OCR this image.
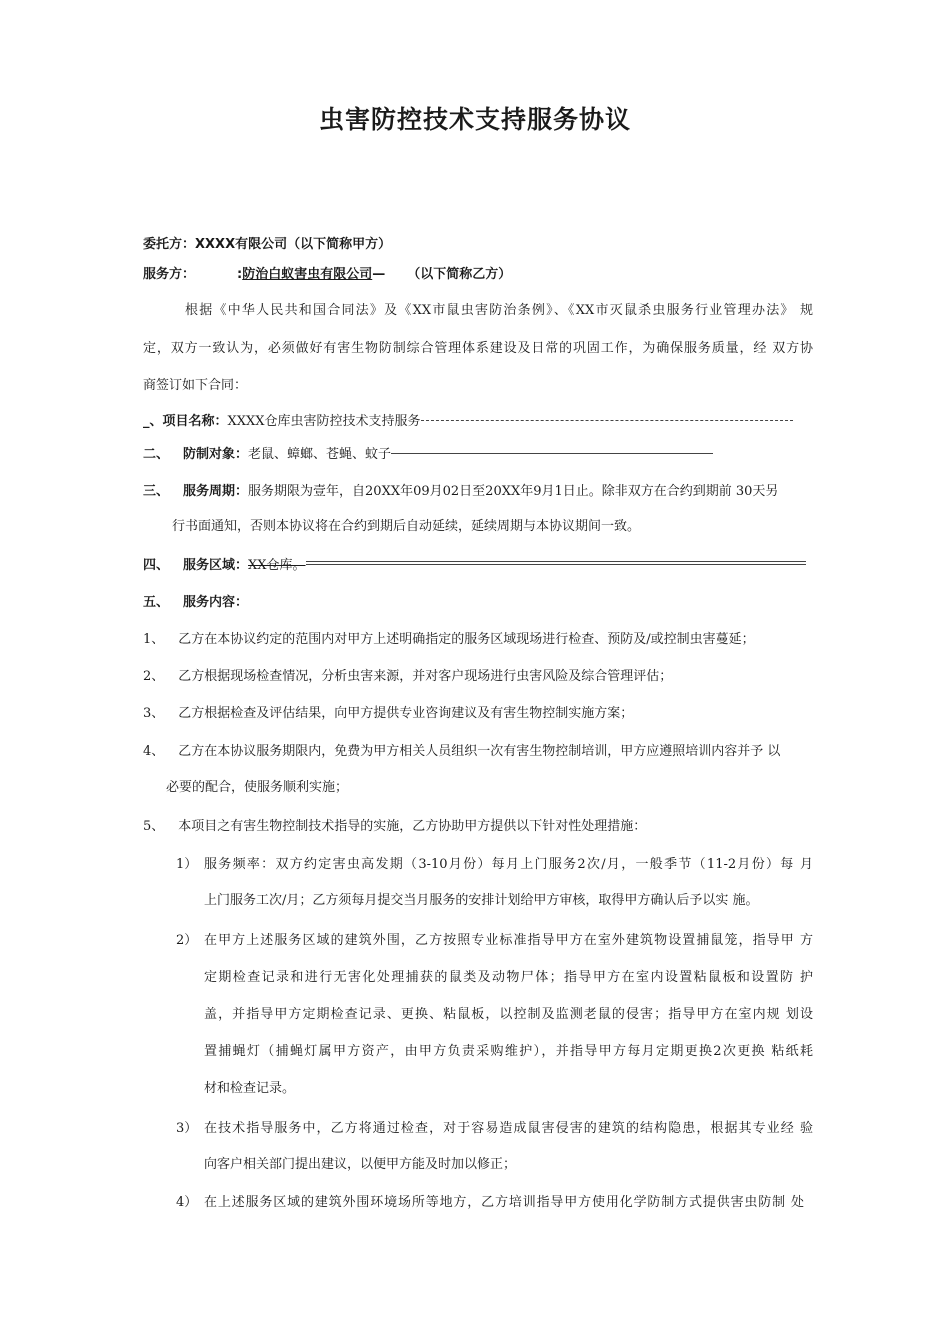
虫害防控技术支持服务协议
委托方：XXXX有限公司（以下简称甲方）
服务方：	:防治白蚁害虫有限公司— （以下简称乙方）
根据《中华人民共和国合同法》及《XX市鼠虫害防治条例》、《XX市灭鼠杀虫服务行业管理办法》 规
定，双方一致认为，必须做好有害生物防制综合管理体系建设及日常的巩固工作，为确保服务质量，经 双方协
商签订如下合同：
_、项目名称：XXXX仓库虫害防控技术支持服务
二、 防制对象：老鼠、蟑螂、苍蝇、蚊子
三、 服务周期：服务期限为壹年，自20XX年09月02日至20XX年9月1日止。除非双方在合约到期前 30天另
行书面通知，否则本协议将在合约到期后自动延续，延续周期与本协议期间一致。
四、 服务区域：XX仓库。
五、 服务内容：
1、 乙方在本协议约定的范围内对甲方上述明确指定的服务区域现场进行检查、预防及/或控制虫害蔓延；
2、 乙方根据现场检查情况，分析虫害来源，并对客户现场进行虫害风险及综合管理评估；
3、 乙方根据检查及评估结果，向甲方提供专业咨询建议及有害生物控制实施方案；
4、 乙方在本协议服务期限内，免费为甲方相关人员组织一次有害生物控制培训，甲方应遵照培训内容并予 以
必要的配合，使服务顺利实施；
5、 本项目之有害生物控制技术指导的实施，乙方协助甲方提供以下针对性处理措施：
1） 服务频率：双方约定害虫高发期（3-10月份）每月上门服务2次/月，一般季节（11-2月份）每 月
上门服务工次/月；乙方须每月提交当月服务的安排计划给甲方审核，取得甲方确认后予以实 施。
2） 在甲方上述服务区域的建筑外围，乙方按照专业标准指导甲方在室外建筑物设置捕鼠笼，指导甲 方
定期检查记录和进行无害化处理捕获的鼠类及动物尸体；指导甲方在室内设置粘鼠板和设置防 护
盖，并指导甲方定期检查记录、更换、粘鼠板，以控制及监测老鼠的侵害；指导甲方在室内规 划设
置捕蝇灯（捕蝇灯属甲方资产，由甲方负责采购维护），并指导甲方每月定期更换2次更换 粘纸耗
材和检查记录。
3） 在技术指导服务中，乙方将通过检查，对于容易造成鼠害侵害的建筑的结构隐患，根据其专业经 验
向客户相关部门提出建议，以便甲方能及时加以修正；
4） 在上述服务区域的建筑外围环境场所等地方，乙方培训指导甲方使用化学防制方式提供害虫防制 处
